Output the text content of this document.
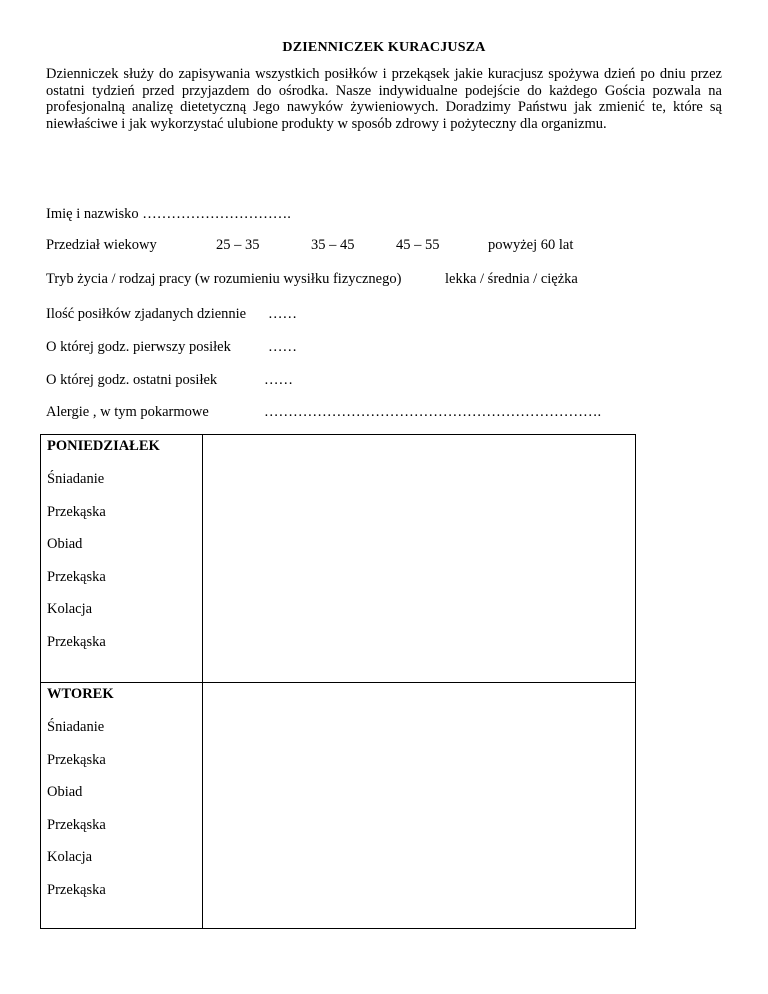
DZIENNICZEK KURACJUSZA
Dzienniczek służy do zapisywania wszystkich posiłków i przekąsek jakie kuracjusz spożywa dzień po dniu przez ostatni tydzień przed przyjazdem do ośrodka. Nasze indywidualne podejście do każdego Gościa pozwala na profesjonalną analizę dietetyczną Jego nawyków żywieniowych. Doradzimy Państwu jak zmienić te, które są niewłaściwe i jak wykorzystać ulubione produkty w sposób zdrowy i pożyteczny dla organizmu.
Imię i nazwisko ………………………….
Przedział wiekowy	25 – 35	35 – 45	45 – 55	powyżej 60 lat
Tryb życia / rodzaj pracy (w rozumieniu wysiłku fizycznego)	lekka / średnia / ciężka
Ilość posiłków zjadanych dziennie ……
O której godz. pierwszy posiłek	……
O której godz. ostatni posiłek	……
Alergie , w tym pokarmowe	…………………………………………………………….
PONIEDZIAŁEK
Śniadanie
Przekąska
Obiad
Przekąska
Kolacja
Przekąska
WTOREK
Śniadanie
Przekąska
Obiad
Przekąska
Kolacja
Przekąska
